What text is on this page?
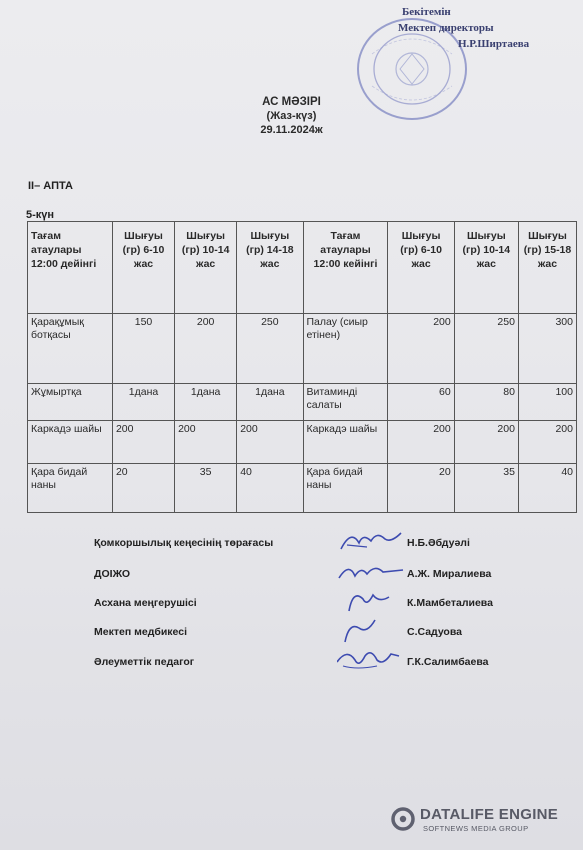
Бекітемін
Мектеп директоры
Н.Р.Ширтаева
АС МӘЗІРІ
(Жаз-күз)
29.11.2024ж
ІІ– АПТА
5-күн
Тағам атаулары 12:00 дейінгі	Шығуы (гр) 6-10 жас	Шығуы (гр) 10-14 жас	Шығуы (гр) 14-18 жас	Тағам атаулары 12:00 кейінгі	Шығуы (гр) 6-10 жас	Шығуы (гр) 10-14 жас	Шығуы (гр) 15-18 жас
Қарақұмық ботқасы	150	200	250	Палау (сиыр етінен)	200	250	300
Жұмыртқа	1дана	1дана	1дана	Витаминді салаты	60	80	100
Каркадэ шайы	200	200	200	Каркадэ шайы	200	200	200
Қара бидай наны	20	35	40	Қара бидай наны	20	35	40
Қомкоршылық кеңесінің төрағасы	Н.Б.Әбдуәлі
ДОІЖО	А.Ж. Миралиева
Асхана меңгерушісі	К.Мамбеталиева
Мектеп медбикесі	С.Садуова
Әлеуметтік педагог	Г.К.Салимбаева
DATALIFE ENGINE
SOFTNEWS MEDIA GROUP
